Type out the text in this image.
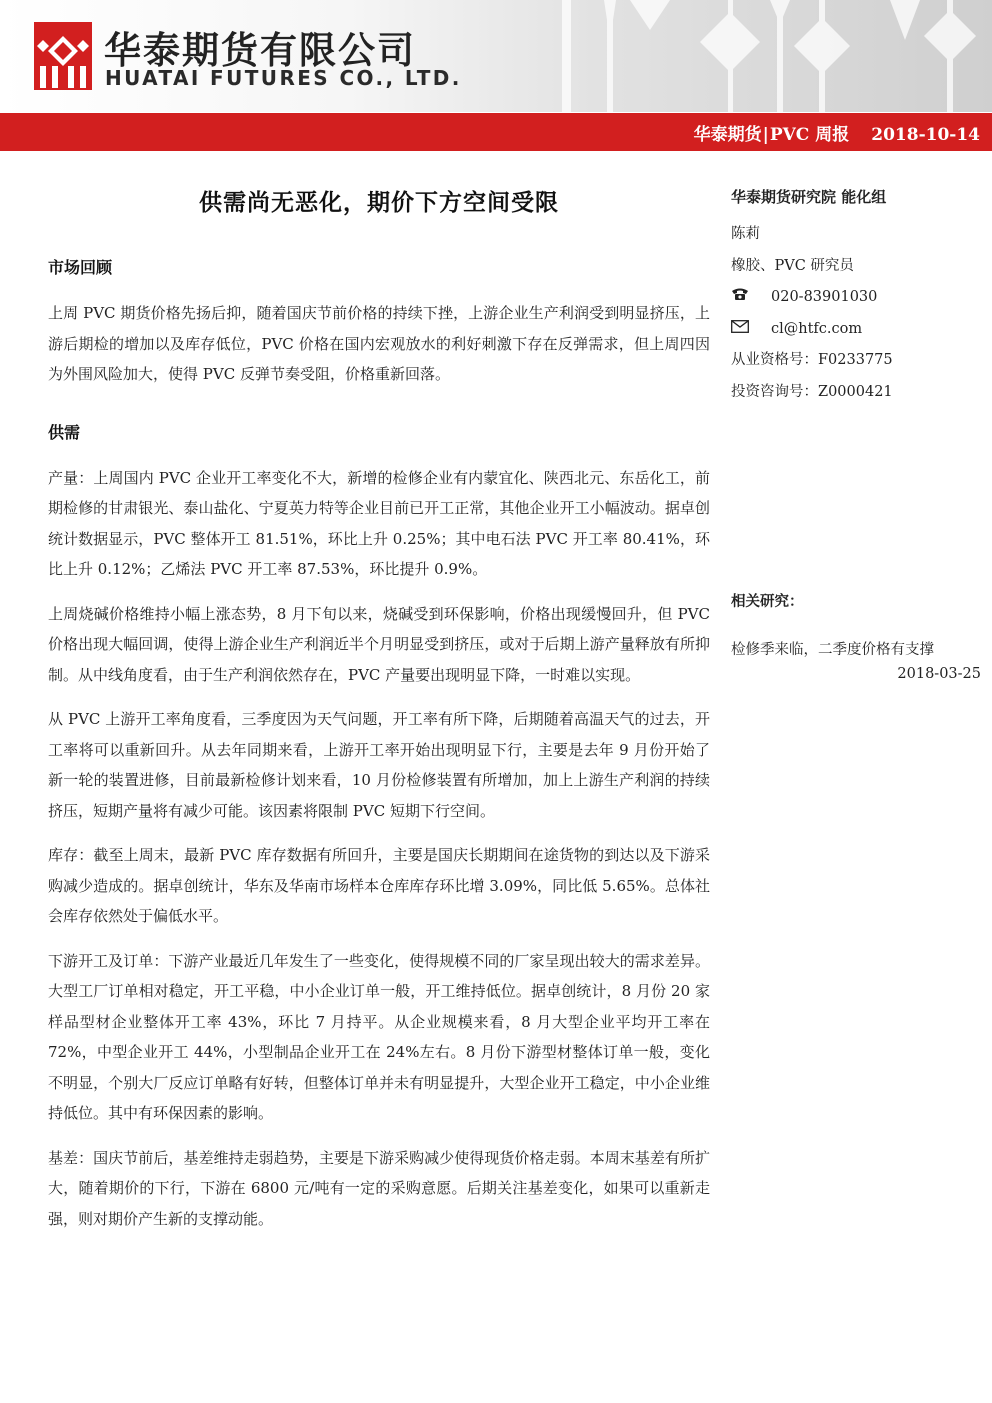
华泰期货有限公司
HUATAI FUTURES CO., LTD.
华泰期货|PVC 周报 2018-10-14
供需尚无恶化，期价下方空间受限
市场回顾

上周 PVC 期货价格先扬后抑，随着国庆节前价格的持续下挫，上游企业生产利润受到明显挤压，上游后期检的增加以及库存低位，PVC 价格在国内宏观放水的利好刺激下存在反弹需求，但上周四因为外围风险加大，使得 PVC 反弹节奏受阻，价格重新回落。

供需

产量：上周国内 PVC 企业开工率变化不大，新增的检修企业有内蒙宜化、陕西北元、东岳化工，前期检修的甘肃银光、泰山盐化、宁夏英力特等企业目前已开工正常，其他企业开工小幅波动。据卓创统计数据显示，PVC 整体开工 81.51%，环比上升 0.25%；其中电石法 PVC 开工率 80.41%，环比上升 0.12%；乙烯法 PVC 开工率 87.53%，环比提升 0.9%。

上周烧碱价格维持小幅上涨态势，8 月下旬以来，烧碱受到环保影响，价格出现缓慢回升，但 PVC 价格出现大幅回调，使得上游企业生产利润近半个月明显受到挤压，或对于后期上游产量释放有所抑制。从中线角度看，由于生产利润依然存在，PVC 产量要出现明显下降，一时难以实现。

从 PVC 上游开工率角度看，三季度因为天气问题，开工率有所下降，后期随着高温天气的过去，开工率将可以重新回升。从去年同期来看，上游开工率开始出现明显下行，主要是去年 9 月份开始了新一轮的装置进修，目前最新检修计划来看，10 月份检修装置有所增加，加上上游生产利润的持续挤压，短期产量将有减少可能。该因素将限制 PVC 短期下行空间。

库存：截至上周末，最新 PVC 库存数据有所回升，主要是国庆长期期间在途货物的到达以及下游采购减少造成的。据卓创统计，华东及华南市场样本仓库库存环比增 3.09%，同比低 5.65%。总体社会库存依然处于偏低水平。

下游开工及订单：下游产业最近几年发生了一些变化，使得规模不同的厂家呈现出较大的需求差异。大型工厂订单相对稳定，开工平稳，中小企业订单一般，开工维持低位。据卓创统计，8 月份 20 家样品型材企业整体开工率 43%，环比 7 月持平。从企业规模来看，8 月大型企业平均开工率在 72%，中型企业开工 44%，小型制品企业开工在 24%左右。8 月份下游型材整体订单一般，变化不明显，个别大厂反应订单略有好转，但整体订单并未有明显提升，大型企业开工稳定，中小企业维持低位。其中有环保因素的影响。

基差：国庆节前后，基差维持走弱趋势，主要是下游采购减少使得现货价格走弱。本周末基差有所扩大，随着期价的下行，下游在 6800 元/吨有一定的采购意愿。后期关注基差变化，如果可以重新走强，则对期价产生新的支撑动能。

华泰期货研究院 能化组
陈莉
橡胶、PVC 研究员
020-83901030
cl@htfc.com
从业资格号：F0233775
投资咨询号：Z0000421
相关研究：
检修季来临，二季度价格有支撑
2018-03-25
